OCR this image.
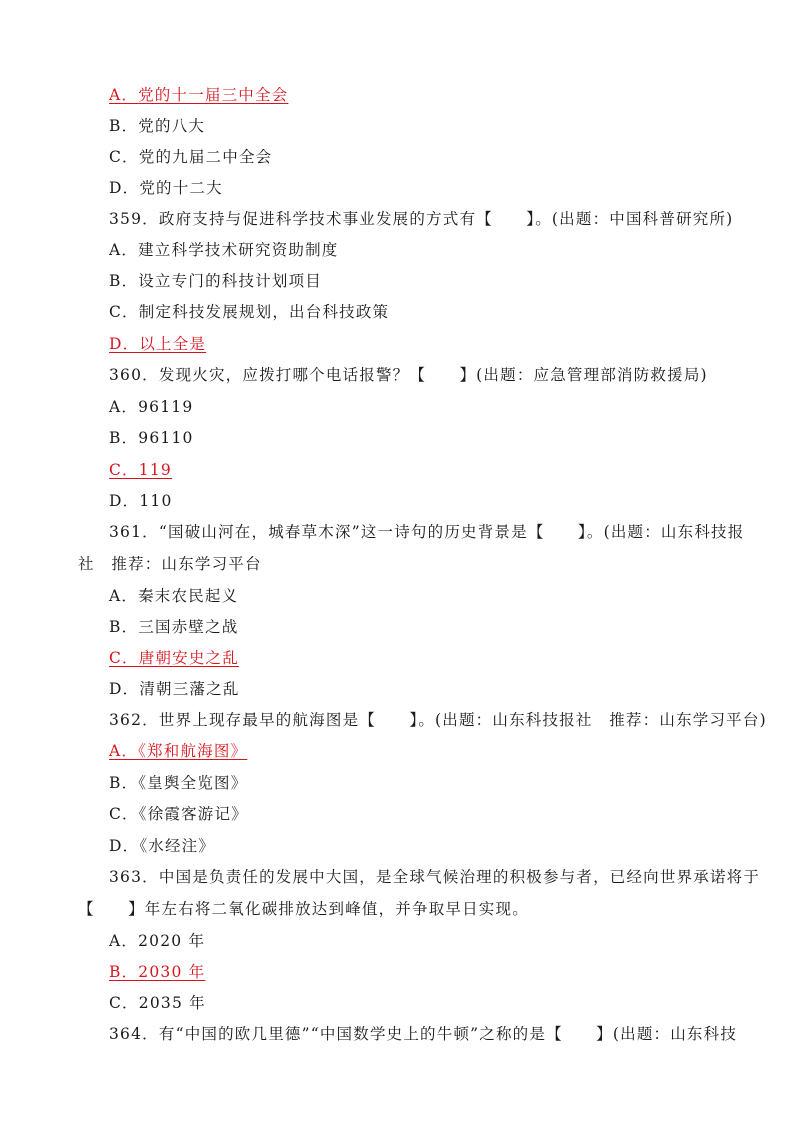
A．党的十一届三中全会
B．党的八大
C．党的九届二中全会
D．党的十二大
359．政府支持与促进科学技术事业发展的方式有【　　】。(出题：中国科普研究所)
A．建立科学技术研究资助制度
B．设立专门的科技计划项目
C．制定科技发展规划，出台科技政策
D．以上全是
360．发现火灾，应拨打哪个电话报警？【　　】(出题：应急管理部消防救援局)
A．96119
B．96110
C．119
D．110
361．“国破山河在，城春草木深”这一诗句的历史背景是【　　】。(出题：山东科技报
社　推荐：山东学习平台
A．秦末农民起义
B．三国赤壁之战
C．唐朝安史之乱
D．清朝三藩之乱
362．世界上现存最早的航海图是【　　】。(出题：山东科技报社　推荐：山东学习平台)
A．《郑和航海图》
B．《皇舆全览图》
C．《徐霞客游记》
D．《水经注》
363．中国是负责任的发展中大国，是全球气候治理的积极参与者，已经向世界承诺将于
【　　】年左右将二氧化碳排放达到峰值，并争取早日实现。
A．2020 年
B．2030 年
C．2035 年
364．有“中国的欧几里德”“中国数学史上的牛顿”之称的是【　　】(出题：山东科技
